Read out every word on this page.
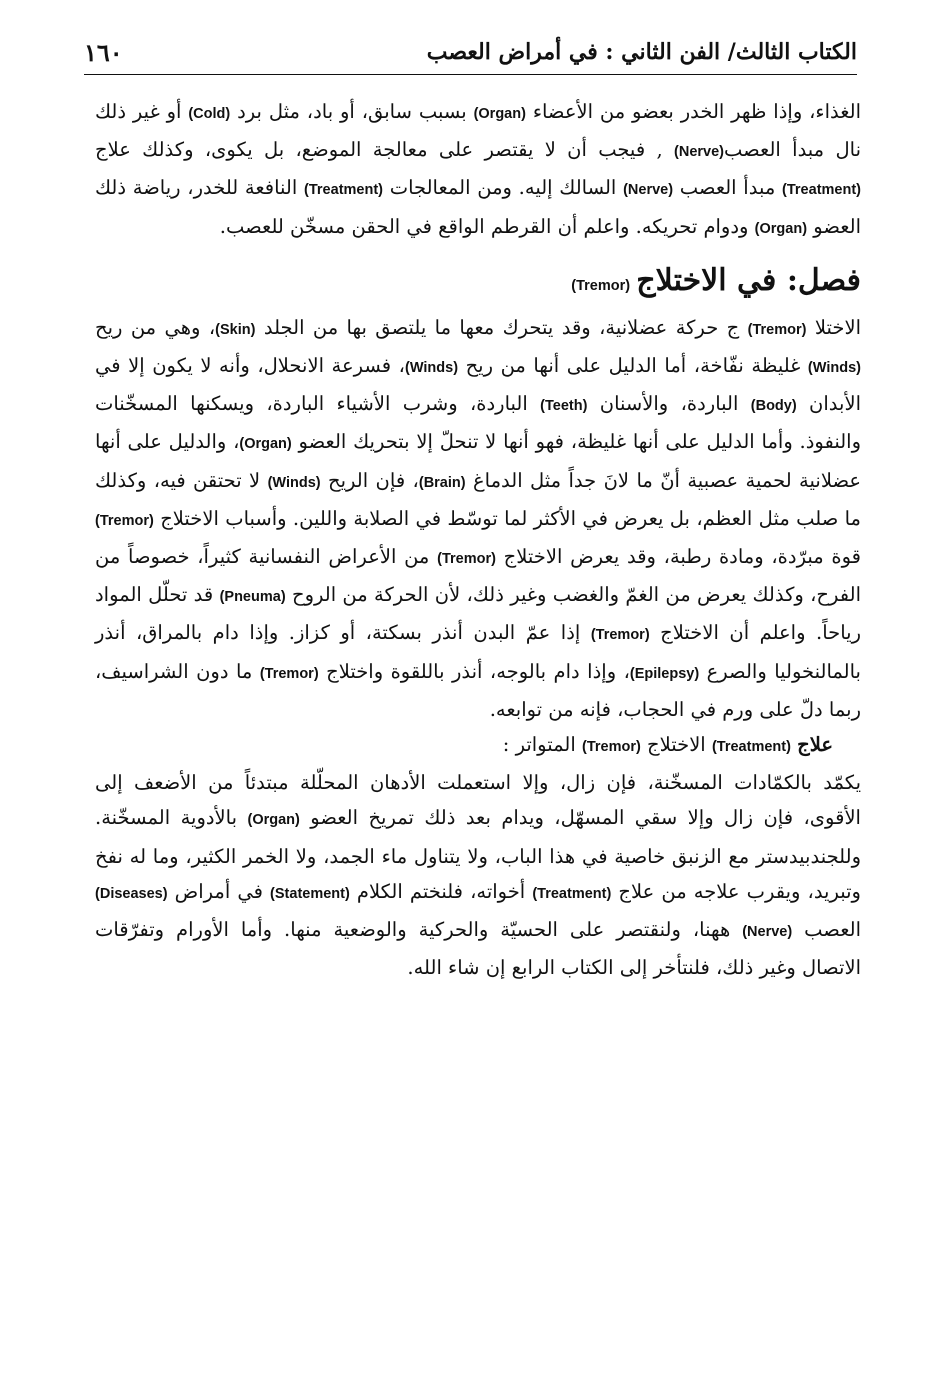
١٦٠	الكتاب الثالث/ الفن الثاني : في أمراض العصب

الغذاء، وإذا ظهر الخدر بعضو من الأعضاء (Organ) بسبب سابق، أو باد، مثل برد (Cold) أو غير ذلك نال مبدأ العصب(Nerve) , فيجب أن لا يقتصر على معالجة الموضع، بل يكوى، وكذلك علاج (Treatment) مبدأ العصب (Nerve) السالك إليه. ومن المعالجات (Treatment) النافعة للخدر، رياضة ذلك العضو (Organ) ودوام تحريكه. واعلم أن القرطم الواقع في الحقن مسخّن للعصب.

فصل: في الاختلاج (Tremor)

الاختلا (Tremor) ج حركة عضلانية، وقد يتحرك معها ما يلتصق بها من الجلد (Skin)، وهي من ريح (Winds) غليظة نفّاخة، أما الدليل على أنها من ريح (Winds)، فسرعة الانحلال، وأنه لا يكون إلا في الأبدان (Body) الباردة، والأسنان (Teeth) الباردة، وشرب الأشياء الباردة، ويسكنها المسخّنات والنفوذ. وأما الدليل على أنها غليظة، فهو أنها لا تنحلّ إلا بتحريك العضو (Organ)، والدليل على أنها عضلانية لحمية عصبية أنّ ما لانَ جداً مثل الدماغ (Brain)، فإن الريح (Winds) لا تحتقن فيه، وكذلك ما صلب مثل العظم، بل يعرض في الأكثر لما توسّط في الصلابة واللين. وأسباب الاختلاج (Tremor) قوة مبرّدة، ومادة رطبة، وقد يعرض الاختلاج (Tremor) من الأعراض النفسانية كثيراً، خصوصاً من الفرح، وكذلك يعرض من الغمّ والغضب وغير ذلك، لأن الحركة من الروح (Pneuma) قد تحلّل المواد رياحاً. واعلم أن الاختلاج (Tremor) إذا عمّ البدن أنذر بسكتة، أو كزاز. وإذا دام بالمراق، أنذر بالمالنخوليا والصرع (Epilepsy)، وإذا دام بالوجه، أنذر باللقوة واختلاج (Tremor) ما دون الشراسيف، ربما دلّ على ورم في الحجاب، فإنه من توابعه.

علاج (Treatment) الاختلاج (Tremor) المتواتر :

يكمّد بالكمّادات المسخّنة، فإن زال، وإلا استعملت الأدهان المحلّلة مبتدئاً من الأضعف إلى الأقوى، فإن زال وإلا سقي المسهّل، ويدام بعد ذلك تمريخ العضو (Organ) بالأدوية المسخّنة. وللجندبيدستر مع الزنبق خاصية في هذا الباب، ولا يتناول ماء الجمد، ولا الخمر الكثير، وما له نفخ وتبريد، ويقرب علاجه من علاج (Treatment) أخواته، فلنختم الكلام (Statement) في أمراض (Diseases) العصب (Nerve) ههنا، ولنقتصر على الحسيّة والحركية والوضعية منها. وأما الأورام وتفرّقات الاتصال وغير ذلك، فلنتأخر إلى الكتاب الرابع إن شاء الله.
